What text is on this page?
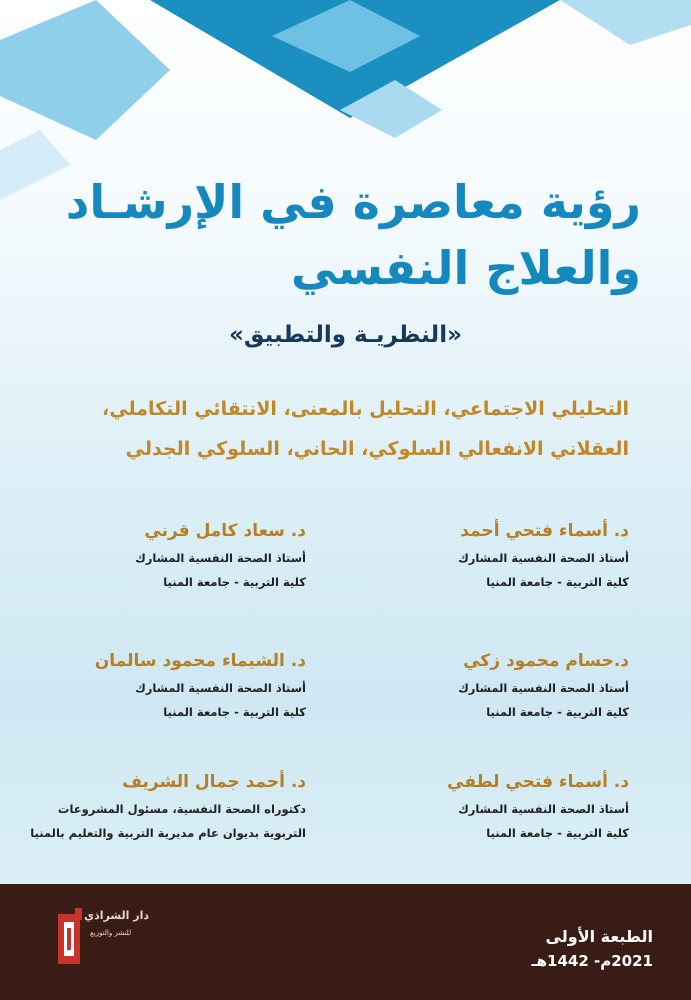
رؤية معاصرة في الإرشـاد
والعلاج النفسي
«النظريـة والتطبيق»
التحليلي الاجتماعي، التحليل بالمعنى، الانتقائي التكاملي،
العقلاني الانفعالي السلوكي، الحاني، السلوكي الجدلي
د. أسماء فتحي أحمد
أستاذ الصحة النفسية المشارك
كلية التربية - جامعة المنيا
د. سعاد كامل قرني
أستاذ الصحة النفسية المشارك
كلية التربية - جامعة المنيا
د.حسام محمود زكي
أستاذ الصحة النفسية المشارك
كلية التربية - جامعة المنيا
د. الشيماء محمود سالمان
أستاذ الصحة النفسية المشارك
كلية التربية - جامعة المنيا
د. أسماء فتحي لطفي
أستاذ الصحة النفسية المشارك
كلية التربية - جامعة المنيا
د. أحمد جمال الشريف
دكتوراه الصحة النفسية، مسئول المشروعات
التربوية بديوان عام مديرية التربية والتعليم بالمنيا
الطبعة الأولى
2021م- 1442هـ
دار الشراذي
للنشر والتوزيع
